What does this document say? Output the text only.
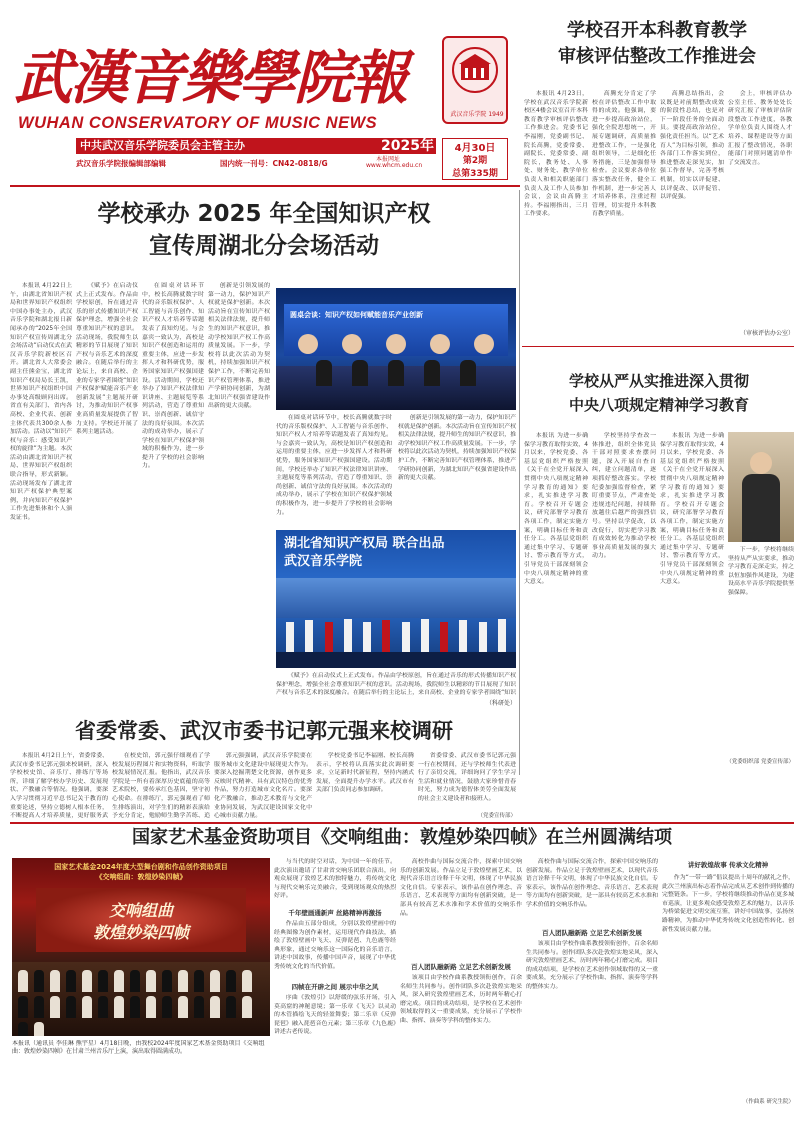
武漢音樂學院報
武汉音乐学院 1949
WUHAN CONSERVATORY OF MUSIC NEWS
中共武汉音乐学院委员会主管主办	2025年
武汉音乐学院报编辑部编辑	国内统一刊号：CN42-0818/G	本报网址
www.whcm.edu.cn
4月30日
第2期
总第335期
学校召开本科教育教学
审核评估整改工作推进会

本报讯 4月23日，学校在武汉音乐学院新校区4楼会议室召开本科教育教学审核评估整改工作推进会。党委书记李福刚，党委副书记、院长高腾，党委常委、副院长、党委常委、副院长，教务处、人事处、财务处、教学单位负责人和相关职能部门负责人及工作人员参加会议，会议由高腾主持。李福刚指出，三月工作要求。

高腾充分肯定了学校在评估整改工作中取得的成效。他强调，要进一步提高政治站位，强化全院思想统一，开展专题调研，高质量推进整改工作，一是强化组织领导，二是细化任务措施，三是加强督导检查。会议要求各单位落实整改任务，健全工作机制，进一步完善人才培养体系，注重过程管理，切实提升本科教育教学质量。

高腾总结指出，会议既是对前期整改成效的阶段性总结，也是对下一阶段任务的全面动员。要提高政治站位，强化责任担当。以“艺术育人”为目标引领，推动各部门工作落实到位，推进整改走深见实，加强工作督导，完善考核机制，切实以评促建、以评促改、以评促管、以评促强。

会上，审核评估办公室主任、教务处处长研究汇报了审核评估阶段整改工作进度，各教学单位负责人围绕人才培养、课程建设等方面汇报了整改情况，各职能部门对照问题清单作了交流发言。

（审核评估办公室）
学校承办 2025 年全国知识产权
宣传周湖北分会场活动

本报讯 4月22日上午，由湖北省知识产权局和世界知识产权组织中国办事处主办，武汉音乐学院和湖北报日新闻承办的“2025年全国知识产权宣传周湖北分会场活动”启动仪式在武汉音乐学院新校区召开。湖北省人大常委会副主任熊金宝，湖北省知识产权局局长王凯，世界知识产权组织中国办事处高级顾问出席。省直有关部门、省内各高校、企业代表、创新主体代表共300余人参加活动。活动以“知识产权与音乐：感受知识产权的旋律”为主题。本次活动由湖北省知识产权局、世界知识产权组织联合指导，形式新颖。活动现场发布了湖北省知识产权保护典型案例，并向知识产权保护工作先进集体和个人颁发证书。

《赋予》在启动仪式上正式发布。作品由学校原创，旨在通过音乐的形式传播知识产权保护理念，增强全社会尊重知识产权的意识。活动现场，我院师生以精彩的节目展现了知识产权与音乐艺术的深度融合。在随后举行的主论坛上，来自高校、企业的专家学者围绕“知识产权保护赋能音乐产业创新发展”主题展开研讨，为推动知识产权事业高质量发展提供了智力支持。学校还开展了系列主题活动。

在圆桌对话环节中，校长高腾就数字时代的音乐版权保护、人工智能与音乐创作、知识产权人才培养等话题发表了真知灼见。与会嘉宾一致认为，高校是知识产权创造和运用的重要主体，应进一步发挥人才和科研优势，服务国家知识产权强国建设。活动期间，学校还举办了知识产权法律知识讲座、主题展览等系列活动，营造了尊重知识、崇尚创新、诚信守法的良好氛围。本次活动的成功举办，展示了学校在知识产权保护领域的积极作为，进一步提升了学校的社会影响力。

创新是引领发展的第一动力，保护知识产权就是保护创新。本次活动旨在宣传知识产权相关法律法规，提升师生的知识产权意识，推动学校知识产权工作高质量发展。下一步，学校将以此次活动为契机，持续加强知识产权保护工作，不断完善知识产权管理体系，推进产学研协同创新，为湖北知识产权强省建设作出新的更大贡献。

（科研处）
圆桌会谈：知识产权如何赋能音乐产业创新
湖北省知识产权局 联合出品
武汉音乐学院

在圆桌对话环节中，校长高腾就数字时代的音乐版权保护、人工智能与音乐创作、知识产权人才培养等话题发表了真知灼见。与会嘉宾一致认为，高校是知识产权创造和运用的重要主体，应进一步发挥人才和科研优势，服务国家知识产权强国建设。活动期间，学校还举办了知识产权法律知识讲座、主题展览等系列活动，营造了尊重知识、崇尚创新、诚信守法的良好氛围。本次活动的成功举办，展示了学校在知识产权保护领域的积极作为，进一步提升了学校的社会影响力。

创新是引领发展的第一动力，保护知识产权就是保护创新。本次活动旨在宣传知识产权相关法律法规，提升师生的知识产权意识，推动学校知识产权工作高质量发展。下一步，学校将以此次活动为契机，持续加强知识产权保护工作，不断完善知识产权管理体系，推进产学研协同创新，为湖北知识产权强省建设作出新的更大贡献。

《赋予》在启动仪式上正式发布。作品由学校原创，旨在通过音乐的形式传播知识产权保护理念，增强全社会尊重知识产权的意识。活动现场，我院师生以精彩的节目展现了知识产权与音乐艺术的深度融合。在随后举行的主论坛上，来自高校、企业的专家学者围绕“知识

学校从严从实推进深入贯彻
中央八项规定精神学习教育

本报讯 为进一步确保学习教育取得实效，4月以来，学校党委、各基层党组织严格按照《关于在全党开展深入贯彻中央八项规定精神学习教育的通知》要求，扎实推进学习教育。学校召开专题会议，研究部署学习教育各项工作，制定实施方案，明确目标任务和责任分工。各基层党组织通过集中学习、专题研讨、警示教育等方式，引导党员干部深刻领会中央八项规定精神的重大意义。

学校坚持学查改一体推进，组织全体党员干部对照要求查摆问题，深入开展自查自纠，建立问题清单，逐项抓好整改落实。学校纪委加强监督检查，紧盯重要节点，严肃查处违规违纪问题，持续释放越往后越严的强烈信号。坚持以学促改，以改促行，切实把学习教育成效转化为推动学校事业高质量发展的强大动力。

本报讯 为进一步确保学习教育取得实效，4月以来，学校党委、各基层党组织严格按照《关于在全党开展深入贯彻中央八项规定精神学习教育的通知》要求，扎实推进学习教育。学校召开专题会议，研究部署学习教育各项工作，制定实施方案，明确目标任务和责任分工。各基层党组织通过集中学习、专题研讨、警示教育等方式，引导党员干部深刻领会中央八项规定精神的重大意义。

下一步，学校将继续坚持从严从实要求，推动学习教育走深走实，持之以恒加强作风建设，为建设高水平音乐学院提供坚强保障。

（党委组织部 党委宣传部）
省委常委、武汉市委书记郭元强来校调研

本报讯 4月2日上午，省委常委、武汉市委书记郭元强来校调研，深入学校校史馆、音乐厅、排练厅等场所，详细了解学校办学历史、发展现状、产教融合等情况。他强调，要深入学习贯彻习近平总书记关于教育的重要论述，坚持立德树人根本任务，不断提高人才培养质量，更好服务武

在校史馆，郭元强仔细观看了学校发展历程图片和实物资料，听取学校发展情况汇报。他指出，武汉音乐学院是一所有着深厚历史底蕴的高等艺术院校，要传承红色基因，坚守初心使命。在排练厅，郭元强观看了师生排练演出，对学生们的精彩表演给予充分肯定，勉励师生勤学苦练、追

郭元强强调，武汉音乐学院要在服务城市文化建设中展现更大作为。要深入挖掘荆楚文化资源，创作更多反映时代精神、具有武汉特色的优秀作品，努力打造城市文化名片。要深化产教融合，推动艺术教育与文化产业协同发展，为武汉建设国家文化中心城市贡献力量。

学校党委书记李福刚、校长高腾表示，学校将认真落实此次调研要求，立足新时代新征程，坚持内涵式发展，全面提升办学水平。武汉市有关部门负责同志参加调研。

省委常委、武汉市委书记郭元强一行在校期间，还与学校师生代表进行了亲切交流，详细询问了学生学习生活和就业情况，鼓励大家珍惜青春时光，努力成为德智体美劳全面发展的社会主义建设者和接班人。

（党委宣传部）
国家艺术基金资助项目《交响组曲：敦煌妙染四帧》在兰州圆满结项
国家艺术基金2024年度大型舞台剧和作品创作资助项目
《交响组曲：敦煌妙染四帧》
交响组曲
敦煌妙染四帧
本报讯（通讯员 李佳琳 熊宇星）4月18日晚，由我校2024年度国家艺术基金资助项目《交响组曲：敦煌妙染四帧》在甘肃兰州音乐厅上演，演出取得圆满成功。

与当代的时空对话，为中国一年的佳节。此次演出邀请了甘肃省交响乐团联合演出，向观众展现了敦煌艺术的独特魅力，将传统文化与现代交响乐完美融合，受到现场观众的热烈好评。

千年壁画通新声 丝路精神再激扬

作品由五部分组成，分别以敦煌壁画中的经典图像为创作素材，运用现代作曲技法，描绘了敦煌壁画中飞天、反弹琵琶、九色鹿等经典形象，通过交响乐这一国际化的音乐语言，讲述中国故事，传播中国声音，展现了中华优秀传统文化的当代价值。

四帧在开辟之间 展示中华之风

序曲《敦煌引》以舒缓的弦乐开场，引入莫高窟的神秘意境；第一乐章《飞天》以灵动的木管描绘飞天的轻盈舞姿；第二乐章《反弹琵琶》融入琵琶音色元素；第三乐章《九色鹿》讲述古老传说。

高校作曲与国际交流合作，探索中国交响乐的创新发展。作品立足于敦煌壁画艺术，以现代音乐语言诠释千年文明，体现了中华民族文化自信。专家表示，该作品在创作理念、音乐语言、艺术表现等方面均有创新突破，是一部具有较高艺术水准和学术价值的交响乐作品。

百人团队融新路 立足艺术创新发展

该项目由学校作曲系教授领衔创作，百余名师生共同参与。创作团队多次赴敦煌实地采风，深入研究敦煌壁画艺术，历时两年精心打磨完成。项目的成功结项，是学校在艺术创作领域取得的又一重要成果，充分展示了学校作曲、指挥、演奏等学科的整体实力。

高校作曲与国际交流合作，探索中国交响乐的创新发展。作品立足于敦煌壁画艺术，以现代音乐语言诠释千年文明，体现了中华民族文化自信。专家表示，该作品在创作理念、音乐语言、艺术表现等方面均有创新突破，是一部具有较高艺术水准和学术价值的交响乐作品。

百人团队融新路 立足艺术创新发展

该项目由学校作曲系教授领衔创作，百余名师生共同参与。创作团队多次赴敦煌实地采风，深入研究敦煌壁画艺术，历时两年精心打磨完成。项目的成功结项，是学校在艺术创作领域取得的又一重要成果，充分展示了学校作曲、指挥、演奏等学科的整体实力。

讲好敦煌故事 传承文化精神

作为“一带一路”倡议提出十周年的献礼之作，此次兰州演出标志着作品完成从艺术创作到传播的完整链条。下一步，学校将继续推动作品在更多城市巡演，让更多观众感受敦煌艺术的魅力，以音乐为桥梁促进文明交流互鉴，讲好中国故事，弘扬丝路精神，为推动中华优秀传统文化创造性转化、创新性发展贡献力量。

（作曲系 研究生院）
